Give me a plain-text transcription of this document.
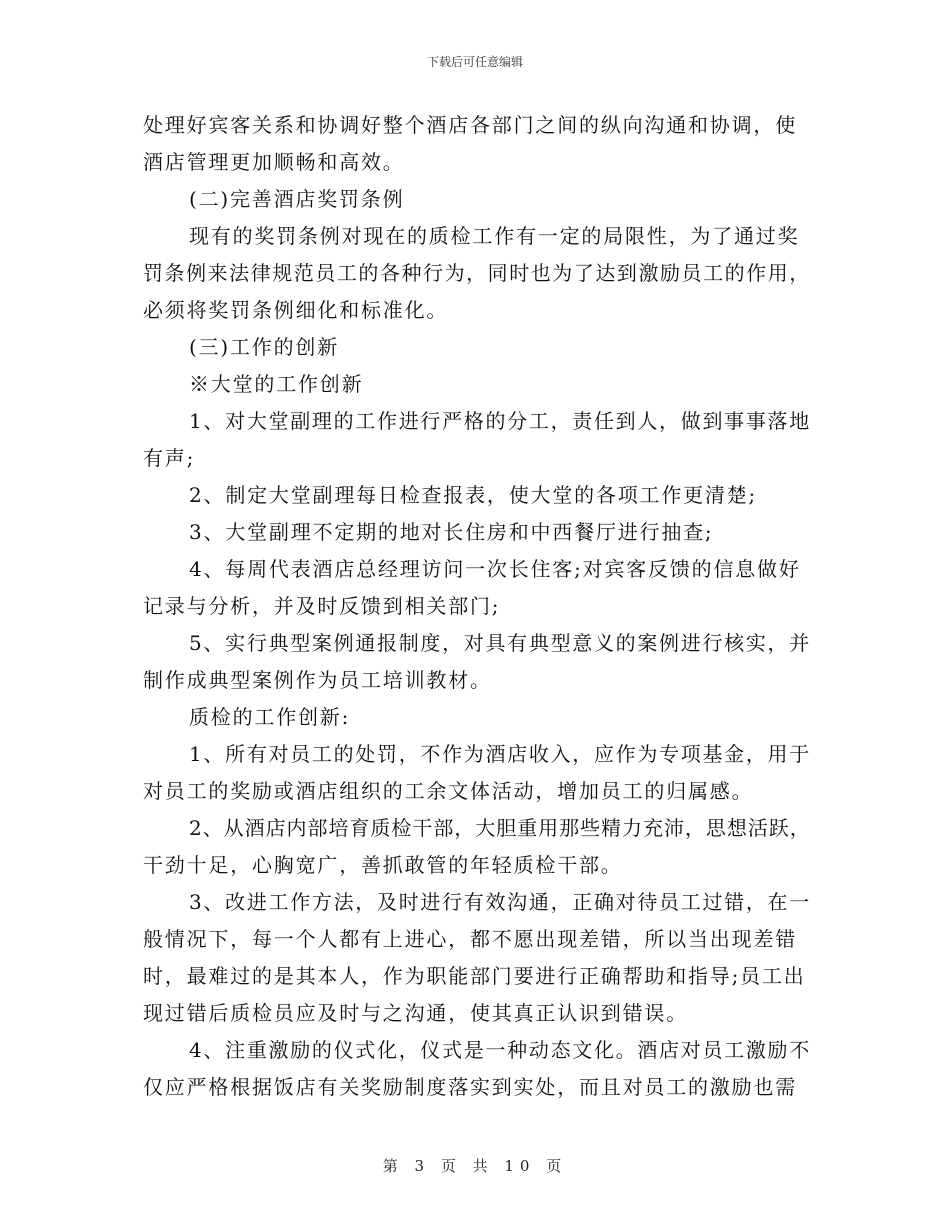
下载后可任意编辑
处理好宾客关系和协调好整个酒店各部门之间的纵向沟通和协调，使
酒店管理更加顺畅和高效。
(二)完善酒店奖罚条例
现有的奖罚条例对现在的质检工作有一定的局限性，为了通过奖
罚条例来法律规范员工的各种行为，同时也为了达到激励员工的作用，
必须将奖罚条例细化和标准化。
(三)工作的创新
※大堂的工作创新
1、对大堂副理的工作进行严格的分工，责任到人，做到事事落地
有声;
2、制定大堂副理每日检查报表，使大堂的各项工作更清楚;
3、大堂副理不定期的地对长住房和中西餐厅进行抽查;
4、每周代表酒店总经理访问一次长住客;对宾客反馈的信息做好
记录与分析，并及时反馈到相关部门;
5、实行典型案例通报制度，对具有典型意义的案例进行核实，并
制作成典型案例作为员工培训教材。
质检的工作创新:
1、所有对员工的处罚，不作为酒店收入，应作为专项基金，用于
对员工的奖励或酒店组织的工余文体活动，增加员工的归属感。
2、从酒店内部培育质检干部，大胆重用那些精力充沛，思想活跃，
干劲十足，心胸宽广，善抓敢管的年轻质检干部。
3、改进工作方法，及时进行有效沟通，正确对待员工过错，在一
般情况下，每一个人都有上进心，都不愿出现差错，所以当出现差错
时，最难过的是其本人，作为职能部门要进行正确帮助和指导;员工出
现过错后质检员应及时与之沟通，使其真正认识到错误。
4、注重激励的仪式化，仪式是一种动态文化。酒店对员工激励不
仅应严格根据饭店有关奖励制度落实到实处，而且对员工的激励也需
第 3 页 共 10 页
